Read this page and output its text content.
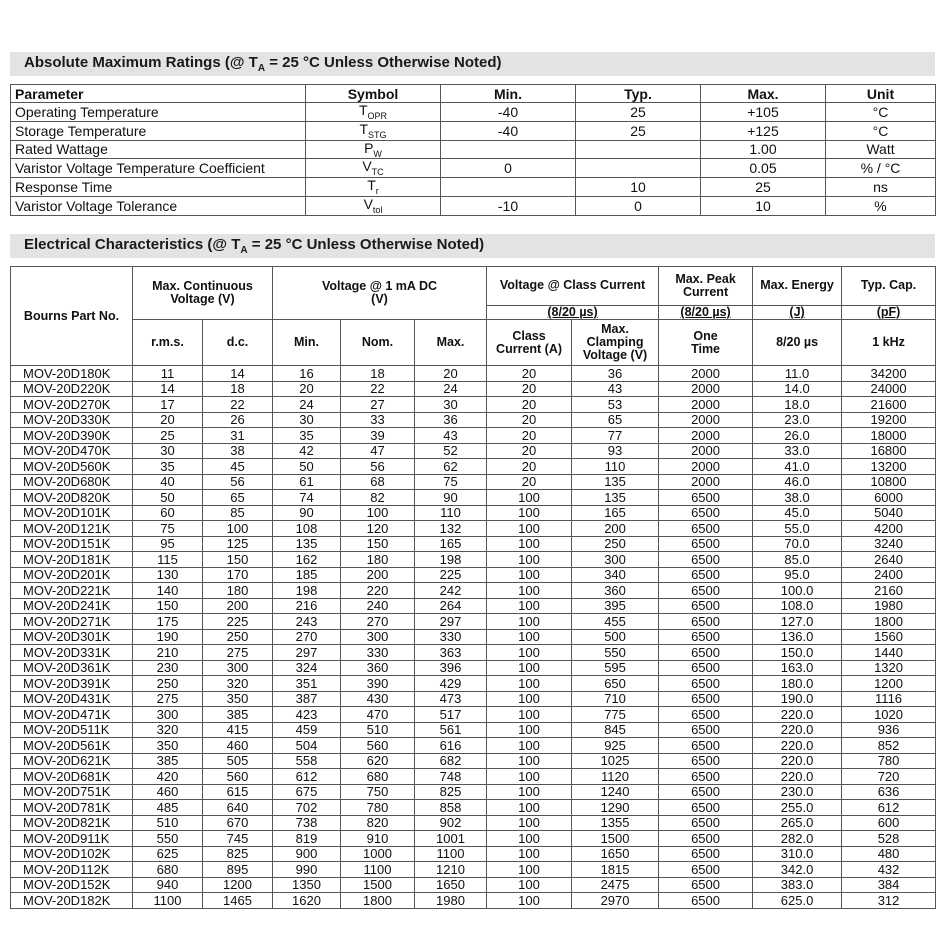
Absolute Maximum Ratings (@ $T_A = 25$ °C Unless Otherwise Noted)
Parameter	Symbol	Min.	Typ.	Max.	Unit
Operating Temperature	$T_{OPR}$	-40	25	+105	°C
Storage Temperature	$T_{STG}$	-40	25	+125	°C
Rated Wattage	$P_W$			1.00	Watt
Varistor Voltage Temperature Coefficient	$V_{TC}$	0		0.05	% / °C
Response Time	$T_r$		10	25	ns
Varistor Voltage Tolerance	$V_{tol}$	-10	0	10	%
Electrical Characteristics (@ $T_A = 25$ °C Unless Otherwise Noted)
Bourns Part No.	Max. Continuous Voltage (V)		Voltage @ 1 mA DC (V)			Voltage @ Class Current		Max. Peak Current	Max. Energy	Typ. Cap.
						(8/20 µs)		(8/20 µs)	(J)	(pF)
	r.m.s.	d.c.	Min.	Nom.	Max.	Class Current (A)	Max. Clamping Voltage (V)	One Time	8/20 µs	1 kHz
MOV-20D180K	11	14	16	18	20	20	36	2000	11.0	34200
MOV-20D220K	14	18	20	22	24	20	43	2000	14.0	24000
MOV-20D270K	17	22	24	27	30	20	53	2000	18.0	21600
MOV-20D330K	20	26	30	33	36	20	65	2000	23.0	19200
MOV-20D390K	25	31	35	39	43	20	77	2000	26.0	18000
MOV-20D470K	30	38	42	47	52	20	93	2000	33.0	16800
MOV-20D560K	35	45	50	56	62	20	110	2000	41.0	13200
MOV-20D680K	40	56	61	68	75	20	135	2000	46.0	10800
MOV-20D820K	50	65	74	82	90	100	135	6500	38.0	6000
MOV-20D101K	60	85	90	100	110	100	165	6500	45.0	5040
MOV-20D121K	75	100	108	120	132	100	200	6500	55.0	4200
MOV-20D151K	95	125	135	150	165	100	250	6500	70.0	3240
MOV-20D181K	115	150	162	180	198	100	300	6500	85.0	2640
MOV-20D201K	130	170	185	200	225	100	340	6500	95.0	2400
MOV-20D221K	140	180	198	220	242	100	360	6500	100.0	2160
MOV-20D241K	150	200	216	240	264	100	395	6500	108.0	1980
MOV-20D271K	175	225	243	270	297	100	455	6500	127.0	1800
MOV-20D301K	190	250	270	300	330	100	500	6500	136.0	1560
MOV-20D331K	210	275	297	330	363	100	550	6500	150.0	1440
MOV-20D361K	230	300	324	360	396	100	595	6500	163.0	1320
MOV-20D391K	250	320	351	390	429	100	650	6500	180.0	1200
MOV-20D431K	275	350	387	430	473	100	710	6500	190.0	1116
MOV-20D471K	300	385	423	470	517	100	775	6500	220.0	1020
MOV-20D511K	320	415	459	510	561	100	845	6500	220.0	936
MOV-20D561K	350	460	504	560	616	100	925	6500	220.0	852
MOV-20D621K	385	505	558	620	682	100	1025	6500	220.0	780
MOV-20D681K	420	560	612	680	748	100	1120	6500	220.0	720
MOV-20D751K	460	615	675	750	825	100	1240	6500	230.0	636
MOV-20D781K	485	640	702	780	858	100	1290	6500	255.0	612
MOV-20D821K	510	670	738	820	902	100	1355	6500	265.0	600
MOV-20D911K	550	745	819	910	1001	100	1500	6500	282.0	528
MOV-20D102K	625	825	900	1000	1100	100	1650	6500	310.0	480
MOV-20D112K	680	895	990	1100	1210	100	1815	6500	342.0	432
MOV-20D152K	940	1200	1350	1500	1650	100	2475	6500	383.0	384
MOV-20D182K	1100	1465	1620	1800	1980	100	2970	6500	625.0	312
